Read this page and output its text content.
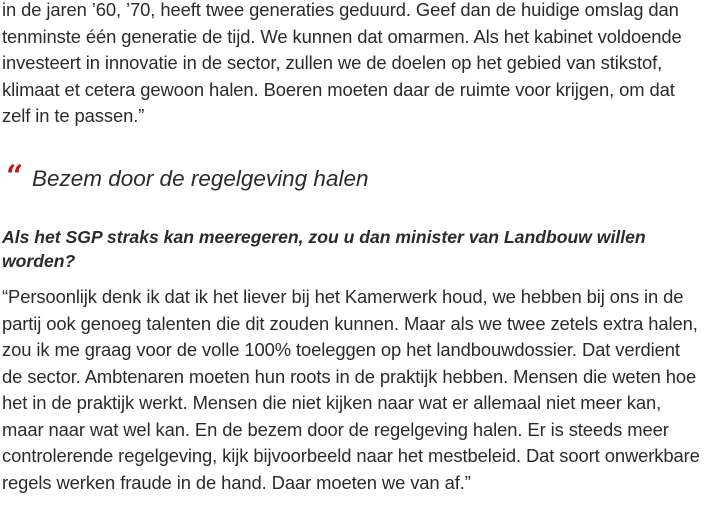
in de jaren ’60, ’70, heeft twee generaties geduurd. Geef dan de huidige omslag dan tenminste één generatie de tijd. We kunnen dat omarmen. Als het kabinet voldoende investeert in innovatie in de sector, zullen we de doelen op het gebied van stikstof, klimaat et cetera gewoon halen. Boeren moeten daar de ruimte voor krijgen, om dat zelf in te passen.”

“ Bezem door de regelgeving halen

Als het SGP straks kan meeregeren, zou u dan minister van Landbouw willen worden?

“Persoonlijk denk ik dat ik het liever bij het Kamerwerk houd, we hebben bij ons in de partij ook genoeg talenten die dit zouden kunnen. Maar als we twee zetels extra halen, zou ik me graag voor de volle 100% toeleggen op het landbouwdossier. Dat verdient de sector. Ambtenaren moeten hun roots in de praktijk hebben. Mensen die weten hoe het in de praktijk werkt. Mensen die niet kijken naar wat er allemaal niet meer kan, maar naar wat wel kan. En de bezem door de regelgeving halen. Er is steeds meer controlerende regelgeving, kijk bijvoorbeeld naar het mestbeleid. Dat soort onwerkbare regels werken fraude in de hand. Daar moeten we van af.”
